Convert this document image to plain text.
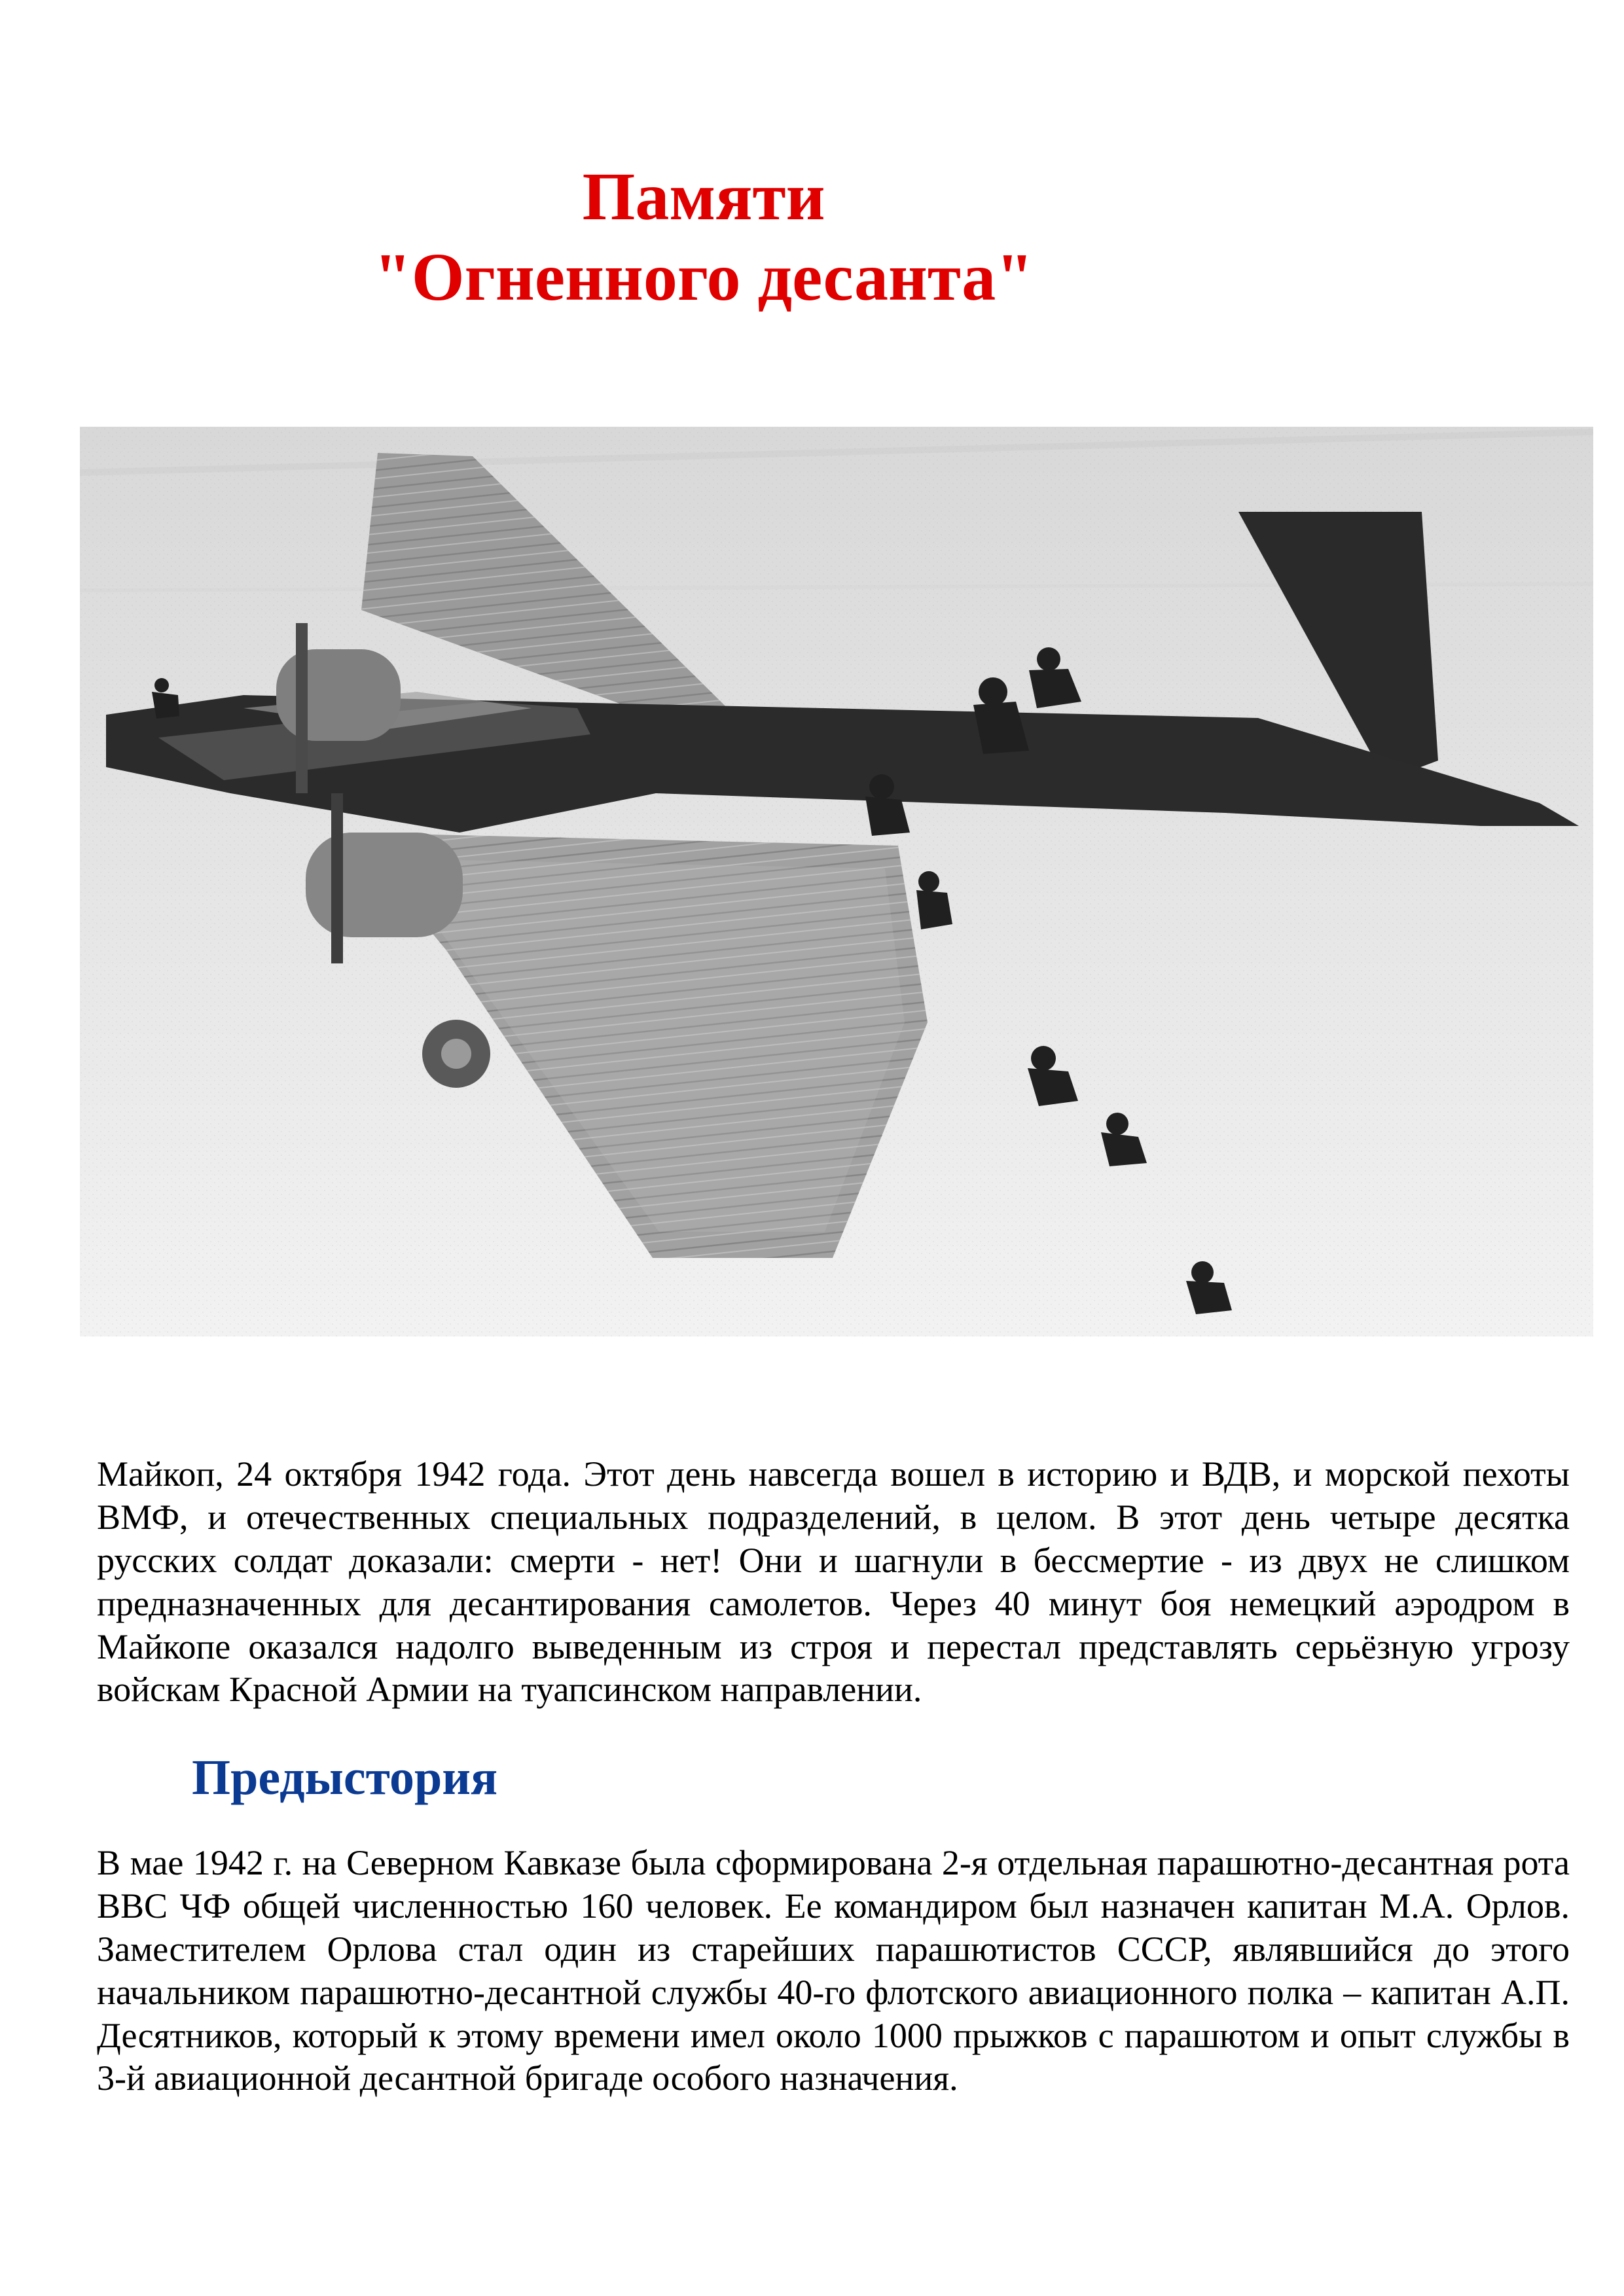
Памяти
"Огненного десанта"

Майкоп, 24 октября 1942 года. Этот день навсегда вошел в историю и ВДВ, и морской пехоты ВМФ, и отечественных специальных подразделений, в целом. В этот день четыре десятка русских солдат доказали: смерти - нет! Они и шагнули в бессмертие - из двух не слишком предназначенных для десантирования самолетов. Через 40 минут боя немецкий аэродром в Майкопе оказался надолго выведенным из строя и перестал представлять серьёзную угрозу войскам Красной Армии на туапсинском направлении.

Предыстория

В мае 1942 г. на Северном Кавказе была сформирована 2-я отдельная парашютно-десантная рота ВВС ЧФ общей численностью 160 человек. Ее командиром был назначен капитан М.А. Орлов. Заместителем Орлова стал один из старейших парашютистов СССР, являвшийся до этого начальником парашютно-десантной службы 40-го флотского авиационного полка – капитан А.П. Десятников, который к этому времени имел около 1000 прыжков с парашютом и опыт службы в 3-й авиационной десантной бригаде особого назначения.
